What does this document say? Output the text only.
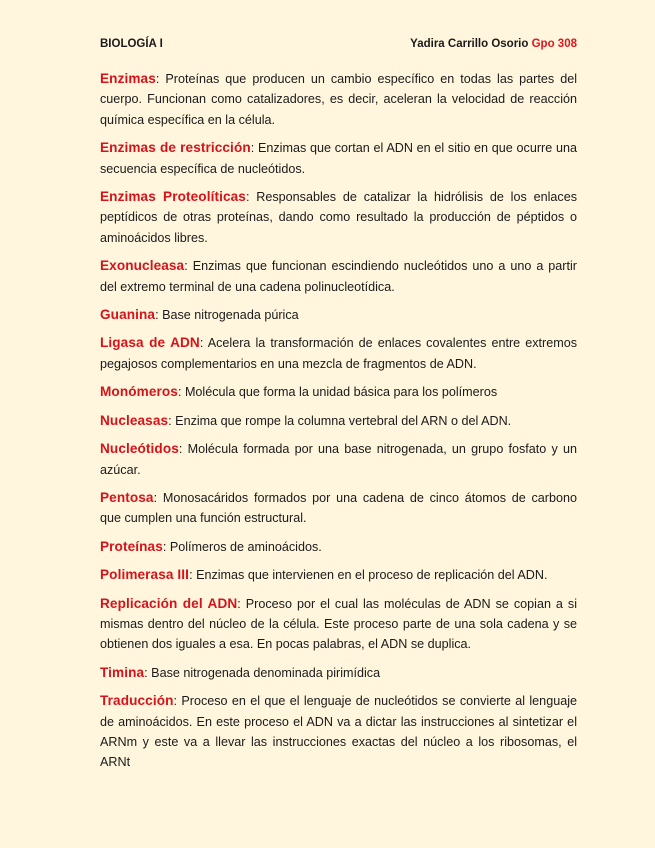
BIOLOGÍA I	Yadira Carrillo Osorio Gpo 308

Enzimas: Proteínas que producen un cambio específico en todas las partes del cuerpo. Funcionan como catalizadores, es decir, aceleran la velocidad de reacción química específica en la célula.

Enzimas de restricción: Enzimas que cortan el ADN en el sitio en que ocurre una secuencia específica de nucleótidos.

Enzimas Proteolíticas: Responsables de catalizar la hidrólisis de los enlaces peptídicos de otras proteínas, dando como resultado la producción de péptidos o aminoácidos libres.

Exonucleasa: Enzimas que funcionan escindiendo nucleótidos uno a uno a partir del extremo terminal de una cadena polinucleotídica.

Guanina: Base nitrogenada púrica

Ligasa de ADN: Acelera la transformación de enlaces covalentes entre extremos pegajosos complementarios en una mezcla de fragmentos de ADN.

Monómeros: Molécula que forma la unidad básica para los polímeros

Nucleasas: Enzima que rompe la columna vertebral del ARN o del ADN.

Nucleótidos: Molécula formada por una base nitrogenada, un grupo fosfato y un azúcar.

Pentosa: Monosacáridos formados por una cadena de cinco átomos de carbono que cumplen una función estructural.

Proteínas: Polímeros de aminoácidos.

Polimerasa III: Enzimas que intervienen en el proceso de replicación del ADN.

Replicación del ADN: Proceso por el cual las moléculas de ADN se copian a si mismas dentro del núcleo de la célula. Este proceso parte de una sola cadena y se obtienen dos iguales a esa. En pocas palabras, el ADN se duplica.

Timina: Base nitrogenada denominada pirimídica

Traducción: Proceso en el que el lenguaje de nucleótidos se convierte al lenguaje de aminoácidos. En este proceso el ADN va a dictar las instrucciones al sintetizar el ARNm y este va a llevar las instrucciones exactas del núcleo a los ribosomas, el ARNt
